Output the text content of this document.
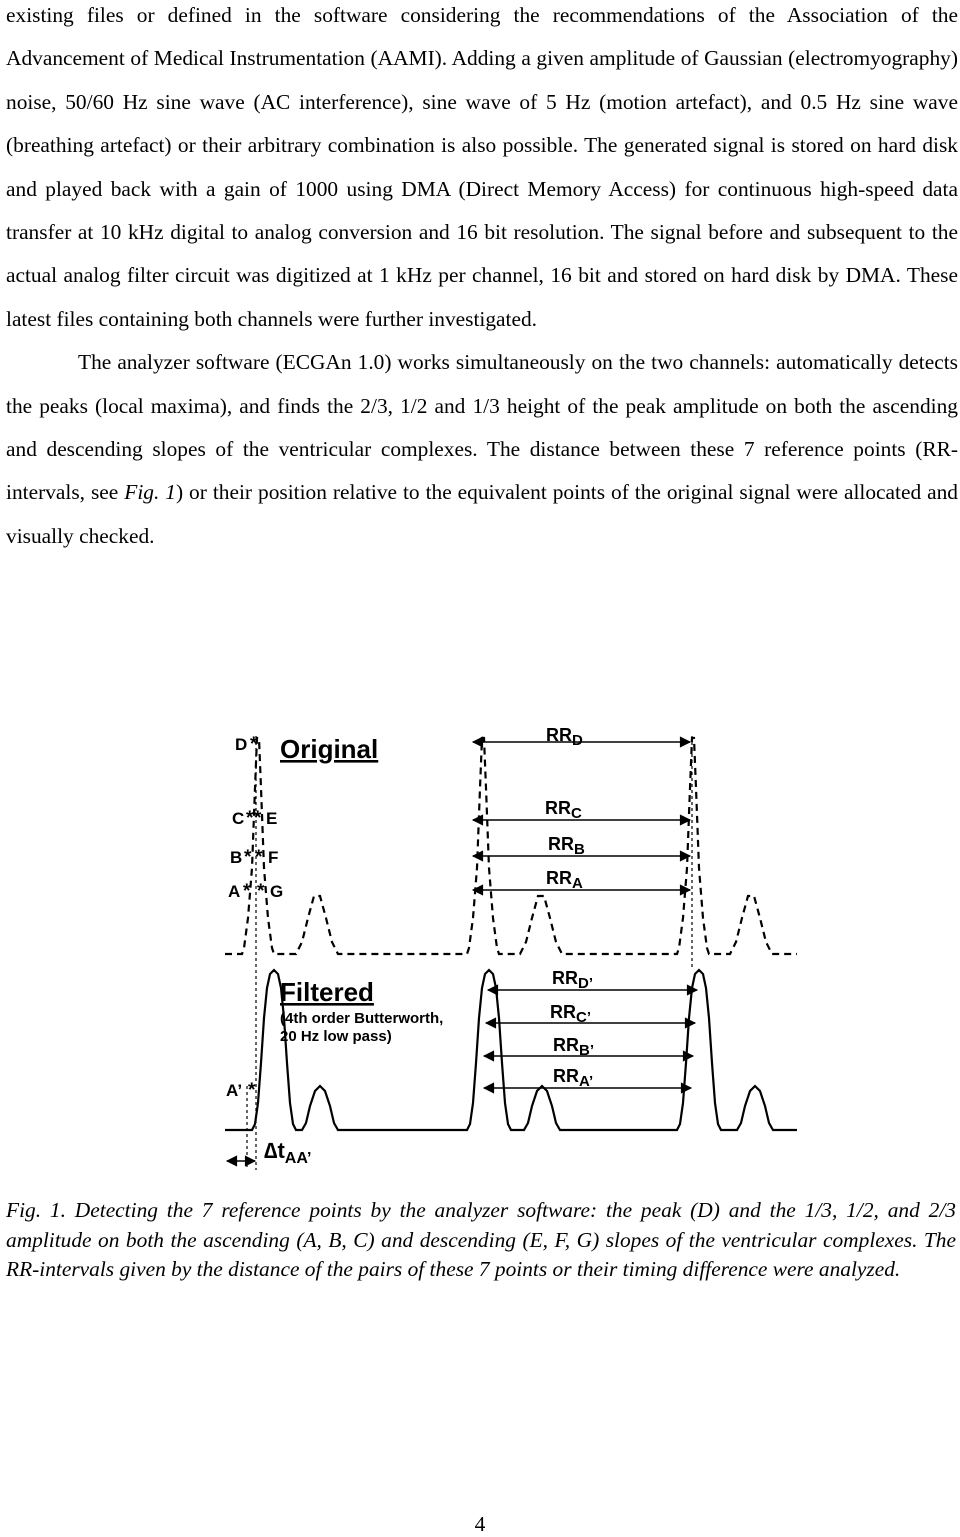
existing files or defined in the software considering the recommendations of the Association of the Advancement of Medical Instrumentation (AAMI). Adding a given amplitude of Gaussian (electromyography) noise, 50/60 Hz sine wave (AC interference), sine wave of 5 Hz (motion artefact), and 0.5 Hz sine wave (breathing artefact) or their arbitrary combination is also possible. The generated signal is stored on hard disk and played back with a gain of 1000 using DMA (Direct Memory Access) for continuous high-speed data transfer at 10 kHz digital to analog conversion and 16 bit resolution. The signal before and subsequent to the actual analog filter circuit was digitized at 1 kHz per channel, 16 bit and stored on hard disk by DMA. These latest files containing both channels were further investigated.

The analyzer software (ECGAn 1.0) works simultaneously on the two channels: automatically detects the peaks (local maxima), and finds the 2/3, 1/2 and 1/3 height of the peak amplitude on both the ascending and descending slopes of the ventricular complexes. The distance between these 7 reference points (RR-intervals, see Fig. 1) or their position relative to the equivalent points of the original signal were allocated and visually checked.

*
* *
* *
* *
*
D
C E
B F
A G
A’
Original
Filtered
(4th order Butterworth,
20 Hz low pass)
$RR_D$
$RR_C$
$RR_B$
$RR_A$
$RR_{D’}$
$RR_{C’}$
$RR_{B’}$
$RR_{A’}$
$\Delta t_{AA’}$
Fig. 1. Detecting the 7 reference points by the analyzer software: the peak (D) and the 1/3, 1/2, and 2/3 amplitude on both the ascending (A, B, C) and descending (E, F, G) slopes of the ventricular complexes. The RR-intervals given by the distance of the pairs of these 7 points or their timing difference were analyzed.
4
